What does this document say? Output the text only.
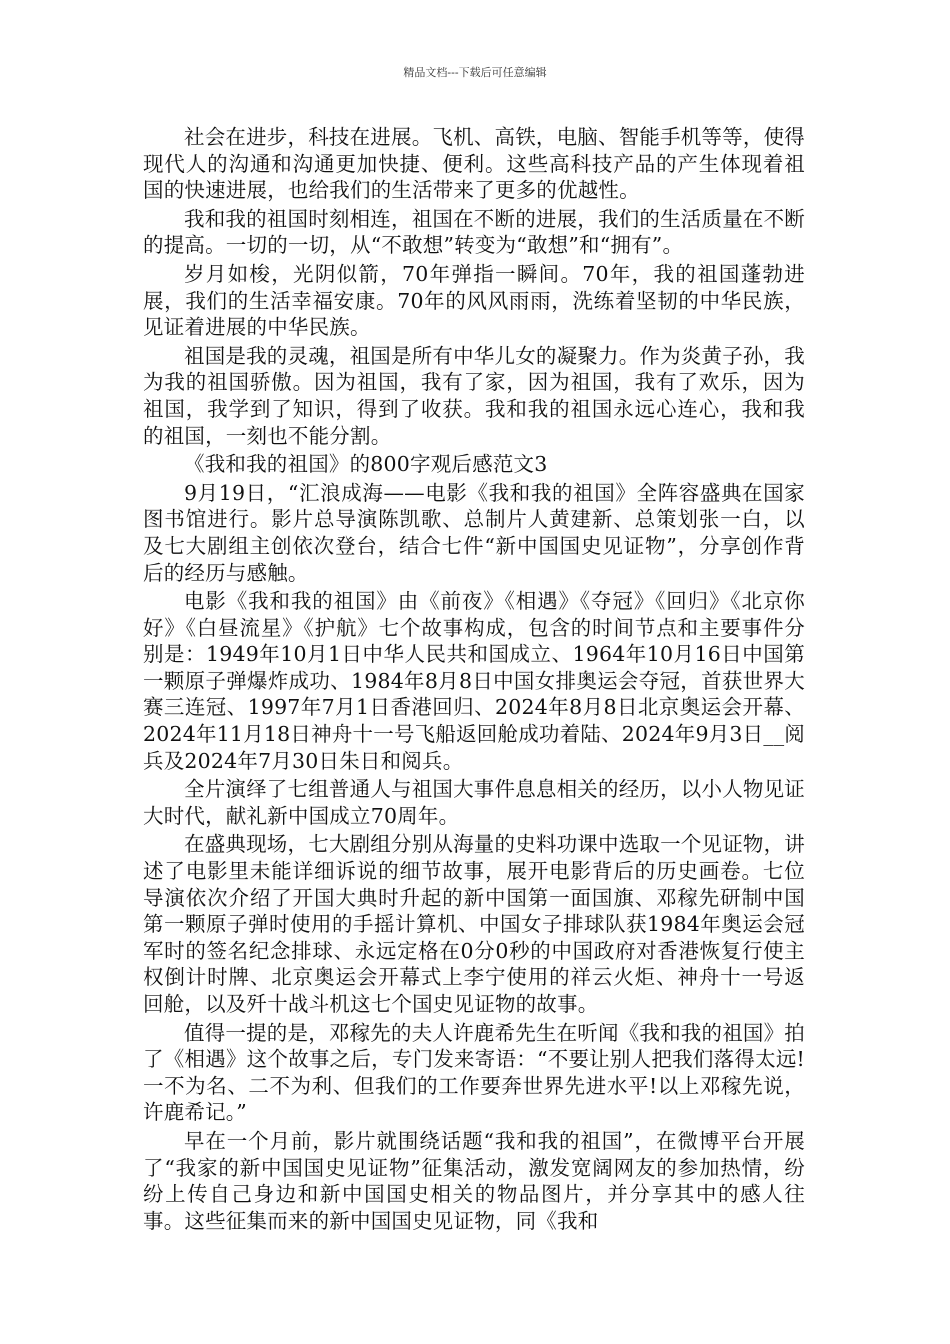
精品文档---下载后可任意编辑

社会在进步，科技在进展。飞机、高铁，电脑、智能手机等等，使得现代人的沟通和沟通更加快捷、便利。这些高科技产品的产生体现着祖国的快速进展，也给我们的生活带来了更多的优越性。

我和我的祖国时刻相连，祖国在不断的进展，我们的生活质量在不断的提高。一切的一切，从“不敢想”转变为“敢想”和“拥有”。

岁月如梭，光阴似箭，70年弹指一瞬间。70年，我的祖国蓬勃进展，我们的生活幸福安康。70年的风风雨雨，洗练着坚韧的中华民族，见证着进展的中华民族。

祖国是我的灵魂，祖国是所有中华儿女的凝聚力。作为炎黄子孙，我为我的祖国骄傲。因为祖国，我有了家，因为祖国，我有了欢乐，因为祖国，我学到了知识，得到了收获。我和我的祖国永远心连心，我和我的祖国，一刻也不能分割。

《我和我的祖国》的800字观后感范文3

9月19日，“汇浪成海——电影《我和我的祖国》全阵容盛典在国家图书馆进行。影片总导演陈凯歌、总制片人黄建新、总策划张一白，以及七大剧组主创依次登台，结合七件“新中国国史见证物”，分享创作背后的经历与感触。

电影《我和我的祖国》由《前夜》《相遇》《夺冠》《回归》《北京你好》《白昼流星》《护航》七个故事构成，包含的时间节点和主要事件分别是：1949年10月1日中华人民共和国成立、1964年10月16日中国第一颗原子弹爆炸成功、1984年8月8日中国女排奥运会夺冠，首获世界大赛三连冠、1997年7月1日香港回归、2024年8月8日北京奥运会开幕、2024年11月18日神舟十一号飞船返回舱成功着陆、2024年9月3日__阅兵及2024年7月30日朱日和阅兵。

全片演绎了七组普通人与祖国大事件息息相关的经历，以小人物见证大时代，献礼新中国成立70周年。

在盛典现场，七大剧组分别从海量的史料功课中选取一个见证物，讲述了电影里未能详细诉说的细节故事，展开电影背后的历史画卷。七位导演依次介绍了开国大典时升起的新中国第一面国旗、邓稼先研制中国第一颗原子弹时使用的手摇计算机、中国女子排球队获1984年奥运会冠军时的签名纪念排球、永远定格在0分0秒的中国政府对香港恢复行使主权倒计时牌、北京奥运会开幕式上李宁使用的祥云火炬、神舟十一号返回舱，以及歼十战斗机这七个国史见证物的故事。

值得一提的是，邓稼先的夫人许鹿希先生在听闻《我和我的祖国》拍了《相遇》这个故事之后，专门发来寄语：“不要让别人把我们落得太远!一不为名、二不为利、但我们的工作要奔世界先进水平!以上邓稼先说，许鹿希记。”

早在一个月前，影片就围绕话题“我和我的祖国”，在微博平台开展了“我家的新中国国史见证物”征集活动，激发宽阔网友的参加热情，纷纷上传自己身边和新中国国史相关的物品图片，并分享其中的感人往事。这些征集而来的新中国国史见证物，同《我和
